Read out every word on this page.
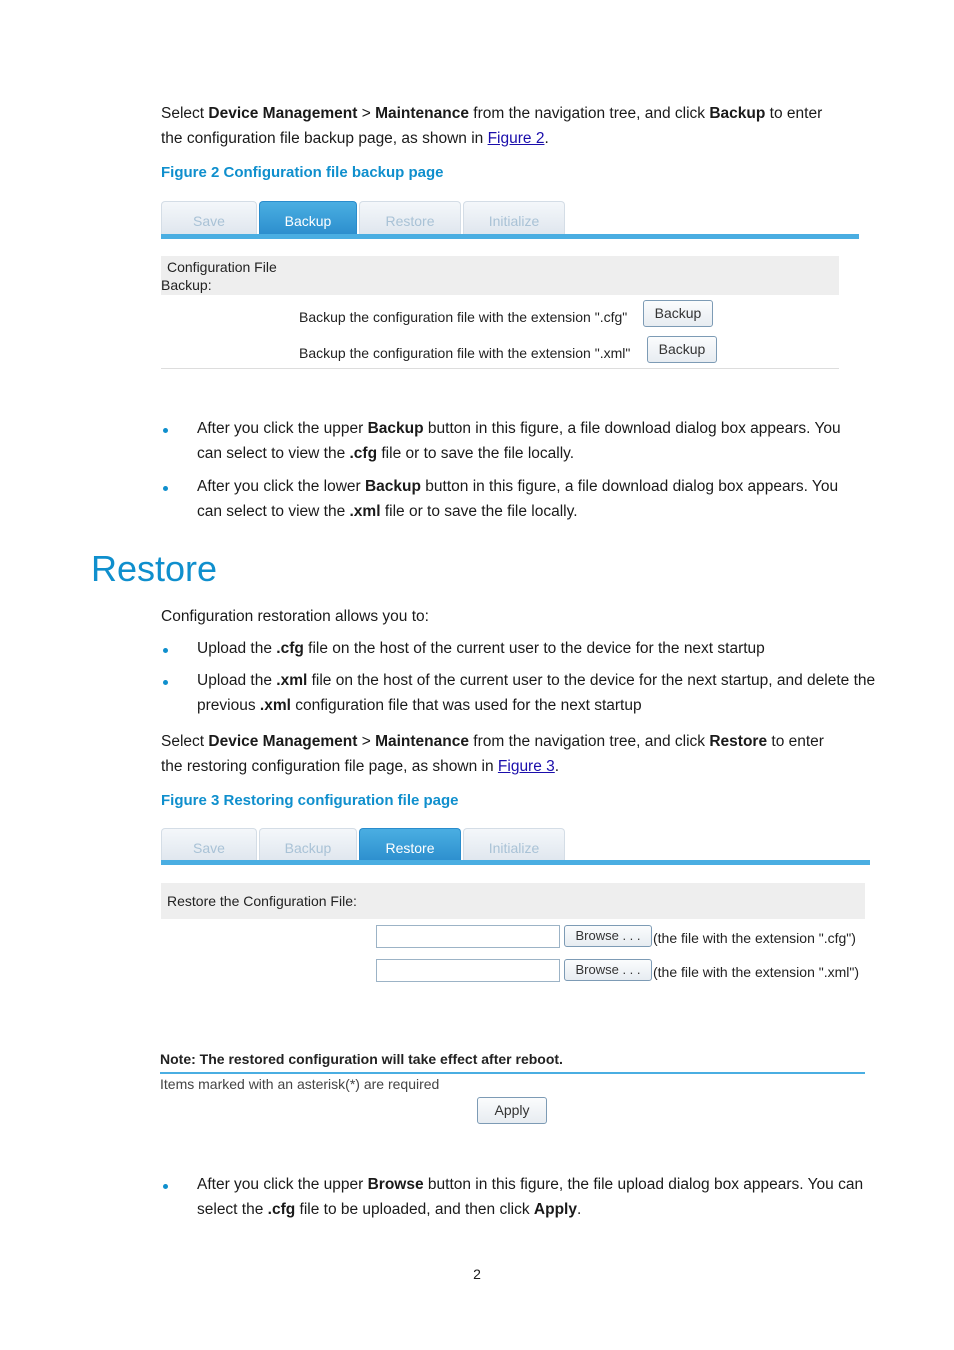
Select Device Management > Maintenance from the navigation tree, and click Backup to enter
the configuration file backup page, as shown in Figure 2.
Figure 2 Configuration file backup page
Save	Backup	Restore	Initialize
Configuration File
Backup:
Backup the configuration file with the extension ".cfg"	Backup
Backup the configuration file with the extension ".xml"	Backup
After you click the upper Backup button in this figure, a file download dialog box appears. You
can select to view the .cfg file or to save the file locally.
After you click the lower Backup button in this figure, a file download dialog box appears. You
can select to view the .xml file or to save the file locally.
Restore
Configuration restoration allows you to:
Upload the .cfg file on the host of the current user to the device for the next startup
Upload the .xml file on the host of the current user to the device for the next startup, and delete the
previous .xml configuration file that was used for the next startup
Select Device Management > Maintenance from the navigation tree, and click Restore to enter
the restoring configuration file page, as shown in Figure 3.
Figure 3 Restoring configuration file page
Save	Backup	Restore	Initialize
Restore the Configuration File:
Browse . . . (the file with the extension ".cfg")
Browse . . . (the file with the extension ".xml")
Note: The restored configuration will take effect after reboot.
Items marked with an asterisk(*) are required
Apply
After you click the upper Browse button in this figure, the file upload dialog box appears. You can
select the .cfg file to be uploaded, and then click Apply.
2
